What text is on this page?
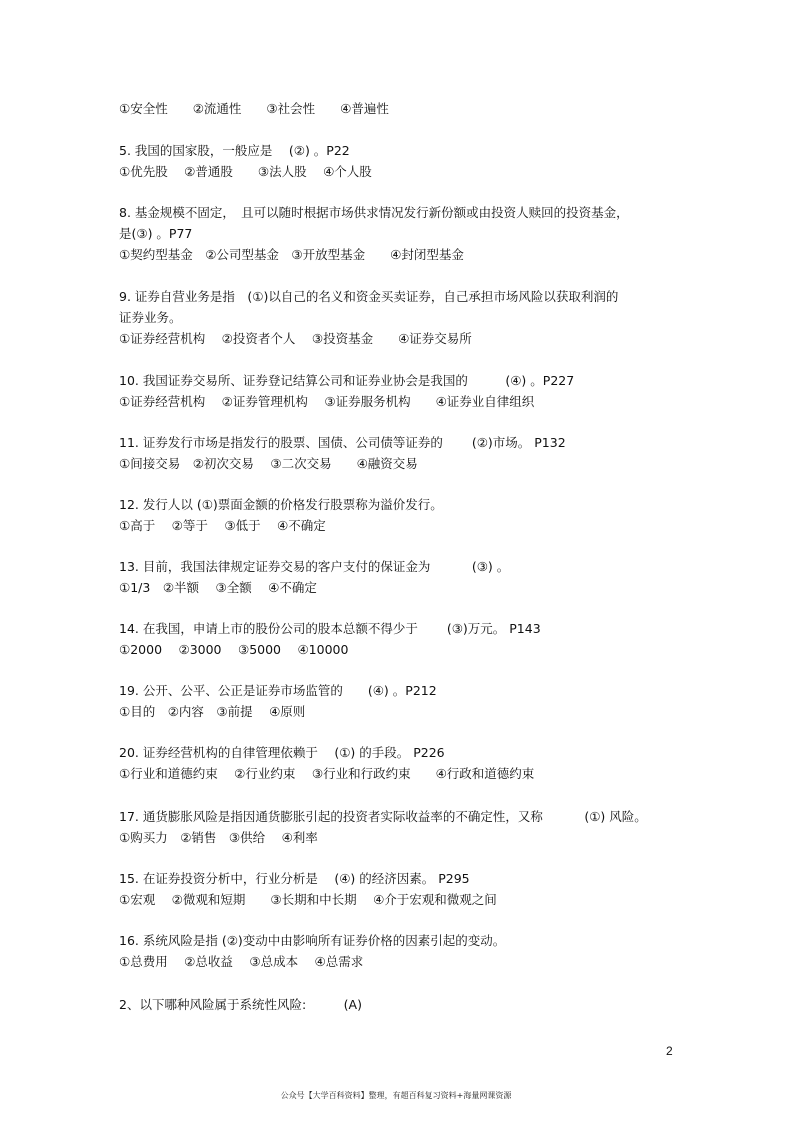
①安全性　　②流通性　　③社会性　　④普遍性
5. 我国的国家股，一般应是　 (②) 。P22
①优先股　 ②普通股　　③法人股　 ④个人股
8. 基金规模不固定，　且可以随时根据市场供求情况发行新份额或由投资人赎回的投资基金，
是(③) 。P77
①契约型基金　②公司型基金　③开放型基金　　④封闭型基金
9. 证券自营业务是指　(①)以自己的名义和资金买卖证券，自己承担市场风险以获取利润的
证券业务。
①证券经营机构　 ②投资者个人　 ③投资基金　　④证券交易所
10. 我国证券交易所、证券登记结算公司和证券业协会是我国的　　　(④) 。P227
①证券经营机构　 ②证券管理机构　 ③证券服务机构　　④证券业自律组织
11. 证券发行市场是指发行的股票、国债、公司债等证券的　　 (②)市场。 P132
①间接交易　②初次交易　 ③二次交易　　④融资交易
12. 发行人以 (①)票面金额的价格发行股票称为溢价发行。
①高于　 ②等于　 ③低于　 ④不确定
13. 目前，我国法律规定证券交易的客户支付的保证金为　　　 (③) 。
①1/3　②半额　 ③全额　 ④不确定
14. 在我国，申请上市的股份公司的股本总额不得少于　　 (③)万元。 P143
①2000　 ②3000　 ③5000　 ④10000
19. 公开、公平、公正是证券市场监管的　　(④) 。P212
①目的　②内容　③前提　 ④原则
20. 证券经营机构的自律管理依赖于　 (①) 的手段。 P226
①行业和道德约束　 ②行业约束　 ③行业和行政约束　　④行政和道德约束
17. 通货膨胀风险是指因通货膨胀引起的投资者实际收益率的不确定性，又称　　　 (①) 风险。
①购买力　②销售　③供给　 ④利率
15. 在证券投资分析中，行业分析是　 (④) 的经济因素。 P295
①宏观　 ②微观和短期　　③长期和中长期　 ④介于宏观和微观之间
16. 系统风险是指 (②)变动中由影响所有证券价格的因素引起的变动。
①总费用　 ②总收益　 ③总成本　 ④总需求
2、以下哪种风险属于系统性风险:　　　(A)
2
公众号【大学百科资料】整理，有超百科复习资料+海量网课资源
